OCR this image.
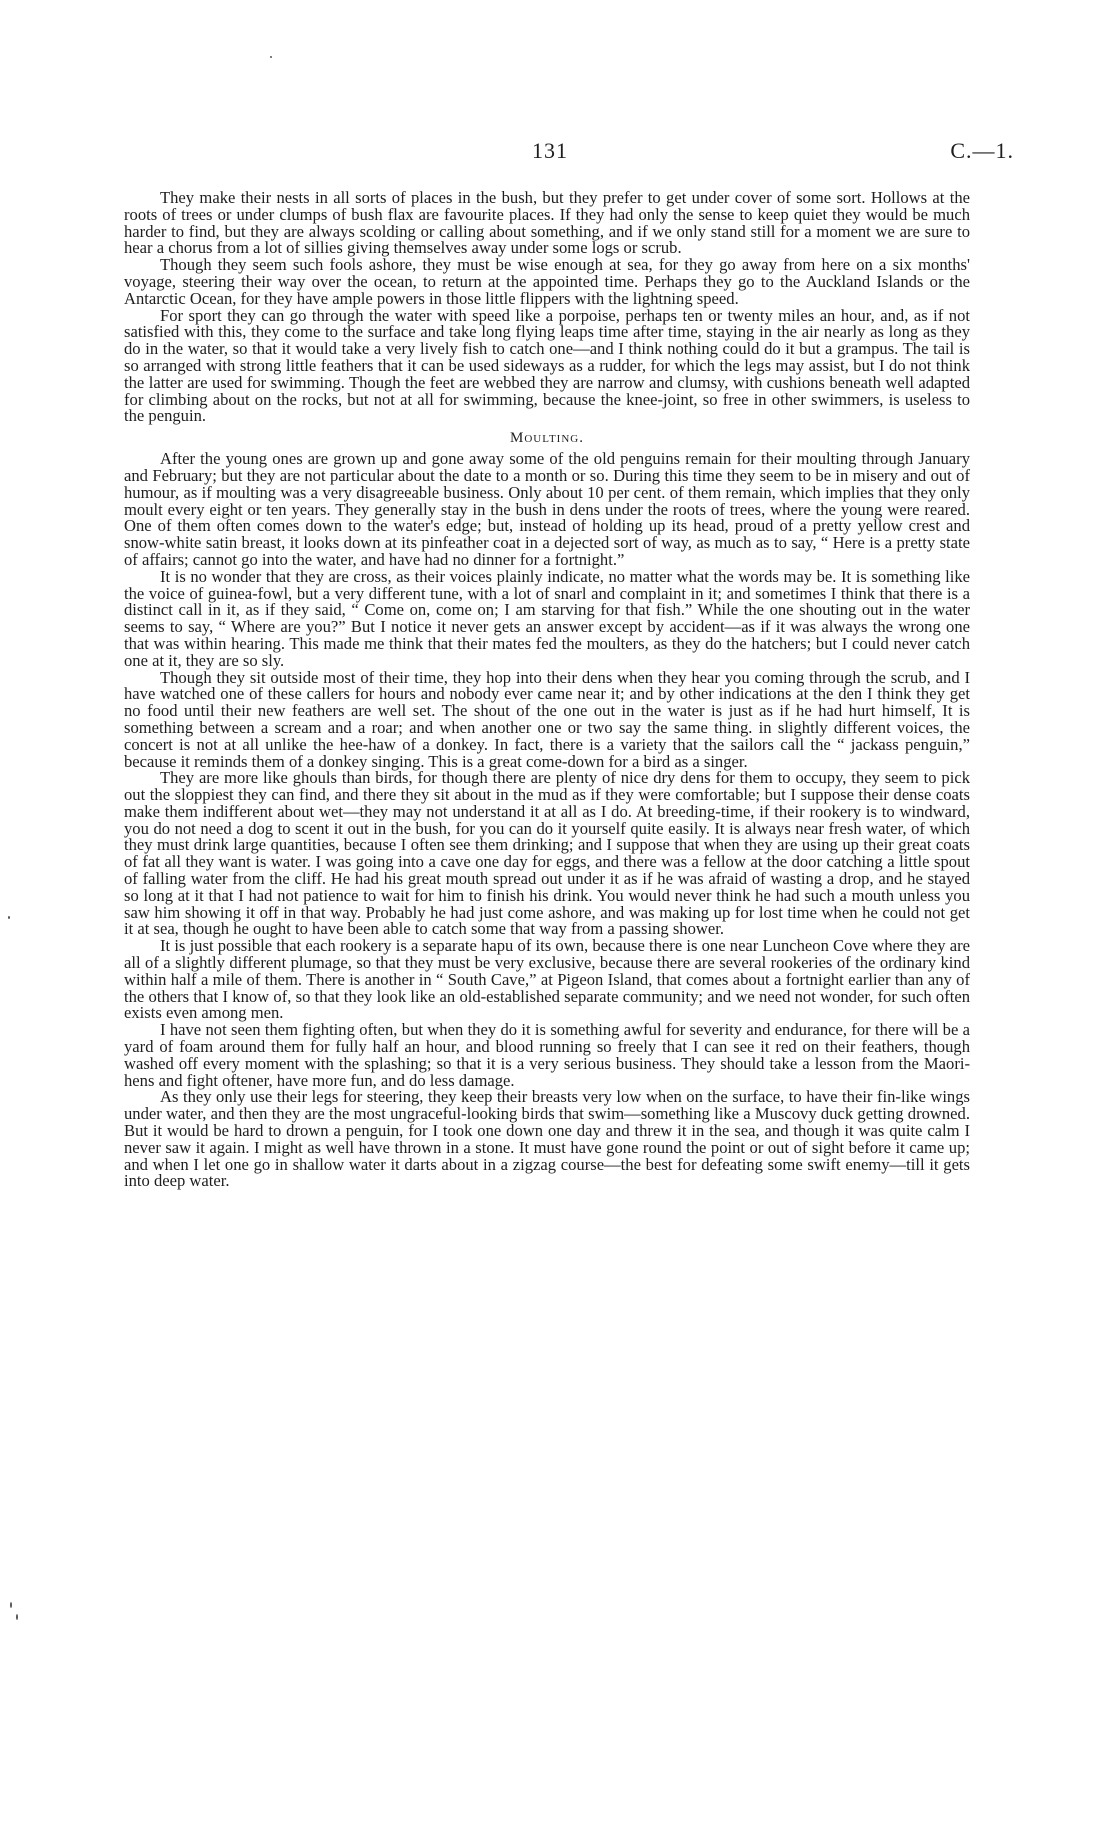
131	C.—1.

They make their nests in all sorts of places in the bush, but they prefer to get under cover of some sort. Hollows at the roots of trees or under clumps of bush flax are favourite places. If they had only the sense to keep quiet they would be much harder to find, but they are always scolding or calling about something, and if we only stand still for a moment we are sure to hear a chorus from a lot of sillies giving themselves away under some logs or scrub.

Though they seem such fools ashore, they must be wise enough at sea, for they go away from here on a six months' voyage, steering their way over the ocean, to return at the appointed time. Perhaps they go to the Auckland Islands or the Antarctic Ocean, for they have ample powers in those little flippers with the lightning speed.

For sport they can go through the water with speed like a porpoise, perhaps ten or twenty miles an hour, and, as if not satisfied with this, they come to the surface and take long flying leaps time after time, staying in the air nearly as long as they do in the water, so that it would take a very lively fish to catch one—and I think nothing could do it but a grampus. The tail is so arranged with strong little feathers that it can be used sideways as a rudder, for which the legs may assist, but I do not think the latter are used for swimming. Though the feet are webbed they are narrow and clumsy, with cushions beneath well adapted for climbing about on the rocks, but not at all for swimming, because the knee-joint, so free in other swimmers, is useless to the penguin.

Moulting.

After the young ones are grown up and gone away some of the old penguins remain for their moulting through January and February; but they are not particular about the date to a month or so. During this time they seem to be in misery and out of humour, as if moulting was a very disagreeable business. Only about 10 per cent. of them remain, which implies that they only moult every eight or ten years. They generally stay in the bush in dens under the roots of trees, where the young were reared. One of them often comes down to the water's edge; but, instead of holding up its head, proud of a pretty yellow crest and snow-white satin breast, it looks down at its pinfeather coat in a dejected sort of way, as much as to say, “ Here is a pretty state of affairs; cannot go into the water, and have had no dinner for a fortnight.”

It is no wonder that they are cross, as their voices plainly indicate, no matter what the words may be. It is something like the voice of guinea-fowl, but a very different tune, with a lot of snarl and complaint in it; and sometimes I think that there is a distinct call in it, as if they said, “ Come on, come on; I am starving for that fish.” While the one shouting out in the water seems to say, “ Where are you?” But I notice it never gets an answer except by accident—as if it was always the wrong one that was within hearing. This made me think that their mates fed the moulters, as they do the hatchers; but I could never catch one at it, they are so sly.

Though they sit outside most of their time, they hop into their dens when they hear you coming through the scrub, and I have watched one of these callers for hours and nobody ever came near it; and by other indications at the den I think they get no food until their new feathers are well set. The shout of the one out in the water is just as if he had hurt himself, It is something between a scream and a roar; and when another one or two say the same thing. in slightly different voices, the concert is not at all unlike the hee-haw of a donkey. In fact, there is a variety that the sailors call the “ jackass penguin,” because it reminds them of a donkey singing. This is a great come-down for a bird as a singer.

They are more like ghouls than birds, for though there are plenty of nice dry dens for them to occupy, they seem to pick out the sloppiest they can find, and there they sit about in the mud as if they were comfortable; but I suppose their dense coats make them indifferent about wet—they may not understand it at all as I do. At breeding-time, if their rookery is to windward, you do not need a dog to scent it out in the bush, for you can do it yourself quite easily. It is always near fresh water, of which they must drink large quantities, because I often see them drinking; and I suppose that when they are using up their great coats of fat all they want is water. I was going into a cave one day for eggs, and there was a fellow at the door catching a little spout of falling water from the cliff. He had his great mouth spread out under it as if he was afraid of wasting a drop, and he stayed so long at it that I had not patience to wait for him to finish his drink. You would never think he had such a mouth unless you saw him showing it off in that way. Probably he had just come ashore, and was making up for lost time when he could not get it at sea, though he ought to have been able to catch some that way from a passing shower.

It is just possible that each rookery is a separate hapu of its own, because there is one near Luncheon Cove where they are all of a slightly different plumage, so that they must be very exclusive, because there are several rookeries of the ordinary kind within half a mile of them. There is another in “ South Cave,” at Pigeon Island, that comes about a fortnight earlier than any of the others that I know of, so that they look like an old-established separate community; and we need not wonder, for such often exists even among men.

I have not seen them fighting often, but when they do it is something awful for severity and endurance, for there will be a yard of foam around them for fully half an hour, and blood running so freely that I can see it red on their feathers, though washed off every moment with the splashing; so that it is a very serious business. They should take a lesson from the Maori-hens and fight oftener, have more fun, and do less damage.

As they only use their legs for steering, they keep their breasts very low when on the surface, to have their fin-like wings under water, and then they are the most ungraceful-looking birds that swim—something like a Muscovy duck getting drowned. But it would be hard to drown a penguin, for I took one down one day and threw it in the sea, and though it was quite calm I never saw it again. I might as well have thrown in a stone. It must have gone round the point or out of sight before it came up; and when I let one go in shallow water it darts about in a zigzag course—the best for defeating some swift enemy—till it gets into deep water.
